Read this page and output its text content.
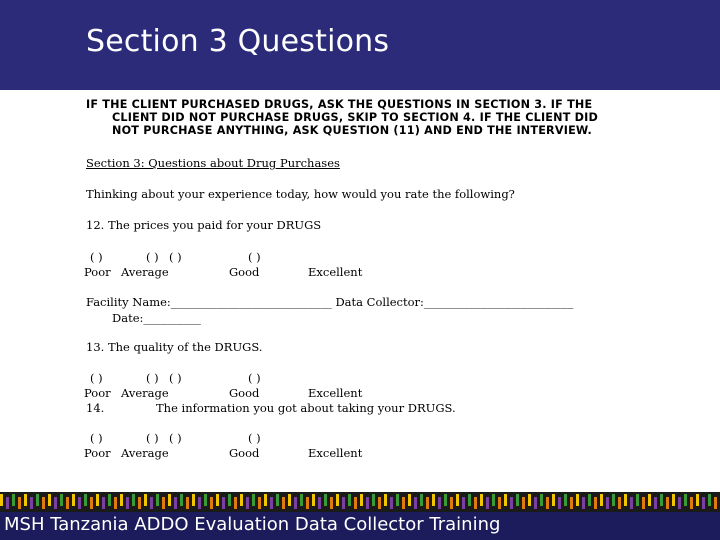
Section 3 Questions
IF THE CLIENT PURCHASED DRUGS, ASK THE QUESTIONS IN SECTION 3. IF THE
CLIENT DID NOT PURCHASE DRUGS, SKIP TO SECTION 4. IF THE CLIENT DID
NOT PURCHASE ANYTHING, ASK QUESTION (11) AND END THE INTERVIEW.
Section 3: Questions about Drug Purchases
Thinking about your experience today, how would you rate the following?
12. The prices you paid for your DRUGS
( )	( ) ( )	( )
Poor Average	Good	Excellent
Facility Name:____________________________ Data Collector:__________________________
Date:__________
13. The quality of the DRUGS.
( )	( ) ( )	( )
Poor Average	Good	Excellent
14.	The information you got about taking your DRUGS.
( )	( ) ( )	( )
Poor Average	Good	Excellent
MSH Tanzania ADDO Evaluation Data Collector Training
